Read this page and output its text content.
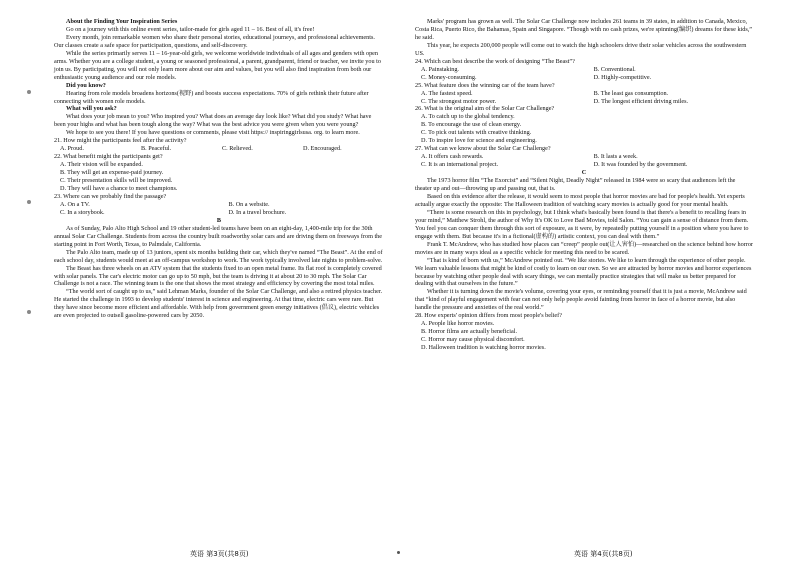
About the Finding Your Inspiration Series

Go on a journey with this online event series, tailor-made for girls aged 11 – 16. Best of all, it's free!

Every month, join remarkable women who share their personal stories, educational journeys, and professional achievements. Our classes create a safe space for participation, questions, and self-discovery.

While the series primarily serves 11 – 16-year-old girls, we welcome worldwide individuals of all ages and genders with open arms. Whether you are a college student, a young or seasoned professional, a parent, grandparent, friend or teacher, we invite you to join us. By participating, you will not only learn more about our aim and values, but you will also find inspiration from both our enthusiastic young audience and our role models.

Did you know?

Hearing from role models broadens horizons(视野) and boosts success expectations. 70% of girls rethink their future after connecting with women role models.

What will you ask?

What does your job mean to you? Who inspired you? What does an average day look like? What did you study? What have been your highs and what has been tough along the way? What was the best advice you were given when you were young?

We hope to see you there! If you have questions or comments, please visit https:// inspiringgirlsusa. org. to learn more.

21. How might the participants feel after the activity?

A. Proud.	B. Peaceful.	C. Relieved.	D. Encouraged.

22. What benefit might the participants get?

A. Their vision will be expanded.

B. They will get an expense-paid journey.

C. Their presentation skills will be improved.

D. They will have a chance to meet champions.

23. Where can we probably find the passage?

A. On a TV.	B. On a website.
C. In a storybook.	D. In a travel brochure.

B

As of Sunday, Palo Alto High School and 19 other student-led teams have been on an eight-day, 1,400-mile trip for the 30th annual Solar Car Challenge. Students from across the country built roadworthy solar cars and are driving them on freeways from the starting point in Fort Worth, Texas, to Palmdale, California.

The Palo Alto team, made up of 13 juniors, spent six months building their car, which they've named “The Beast”. At the end of each school day, students would meet at an off-campus workshop to work. The work typically involved late nights to problem-solve.

The Beast has three wheels on an ATV system that the students fixed to an open metal frame. Its flat roof is completely covered with solar panels. The car's electric motor can go up to 50 mph, but the team is driving it at about 20 to 30 mph. The Solar Car Challenge is not a race. The winning team is the one that shows the most strategy and efficiency by covering the most total miles.

“The world sort of caught up to us,” said Lehman Marks, founder of the Solar Car Challenge, and also a retired physics teacher. He started the challenge in 1993 to develop students' interest in science and engineering. At that time, electric cars were rare. But they have since become more efficient and affordable. With help from government green energy initiatives (倡议), electric vehicles are even projected to outsell gasoline-powered cars by 2050.

Marks' program has grown as well. The Solar Car Challenge now includes 261 teams in 39 states, in addition to Canada, Mexico, Costa Rica, Puerto Rico, the Bahamas, Spain and Singapore. “Though with no cash prizes, we're spinning(编织) dreams for these kids,” he said.

This year, he expects 200,000 people will come out to watch the high schoolers drive their solar vehicles across the southwestern US.

24. Which can best describe the work of designing “The Beast”?

A. Painstaking.	B. Conventional.
C. Money-consuming.	D. Highly-competitive.

25. What feature does the winning car of the team have?

A. The fastest speed.	B. The least gas consumption.
C. The strongest motor power.	D. The longest efficient driving miles.

26. What is the original aim of the Solar Car Challenge?

A. To catch up to the global tendency.

B. To encourage the use of clean energy.

C. To pick out talents with creative thinking.

D. To inspire love for science and engineering.

27. What can we know about the Solar Car Challenge?

A. It offers cash rewards.	B. It lasts a week.
C. It is an international project.	D. It was founded by the government.

C

The 1973 horror film “The Exorcist” and “Silent Night, Deadly Night” released in 1984 were so scary that audiences left the theater up and out—throwing up and passing out, that is.

Based on this evidence after the release, it would seem to most people that horror movies are bad for people's health. Yet experts actually argue exactly the opposite: The Halloween tradition of watching scary movies is actually good for your mental health.

“There is some research on this in psychology, but I think what's basically been found is that there's a benefit to recalling fears in your mind,” Matthew Strohl, the author of Why It's OK to Love Bad Movies, told Salon. “You can gain a sense of distance from them. You feel you can conquer them through this sort of exposure, as it were, by repeatedly putting yourself in a position where you have to engage with them. But because it's in a fictional(虚构的) artistic context, you can deal with them.”

Frank T. McAndrew, who has studied how places can “creep” people out(让人害怕)—researched on the science behind how horror movies are in many ways ideal as a specific vehicle for meeting this need to be scared.

“That is kind of born with us,” McAndrew pointed out. “We like stories. We like to learn through the experience of other people. We learn valuable lessons that might be kind of costly to learn on our own. So we are attracted by horror movies and horror experiences because by watching other people deal with scary things, we can mentally practice strategies that will make us better prepared for dealing with that ourselves in the future.”

Whether it is turning down the movie's volume, covering your eyes, or reminding yourself that it is just a movie, McAndrew said that “kind of playful engagement with fear can not only help people avoid fainting from horror in face of a horror movie, but also handle the pressure and anxieties of the real world.”

28. How experts' opinion differs from most people's belief?

A. People like horror movies.

B. Horror films are actually beneficial.

C. Horror may cause physical discomfort.

D. Halloween tradition is watching horror movies.

英语 第3页(共8页)	英语 第4页(共8页)
